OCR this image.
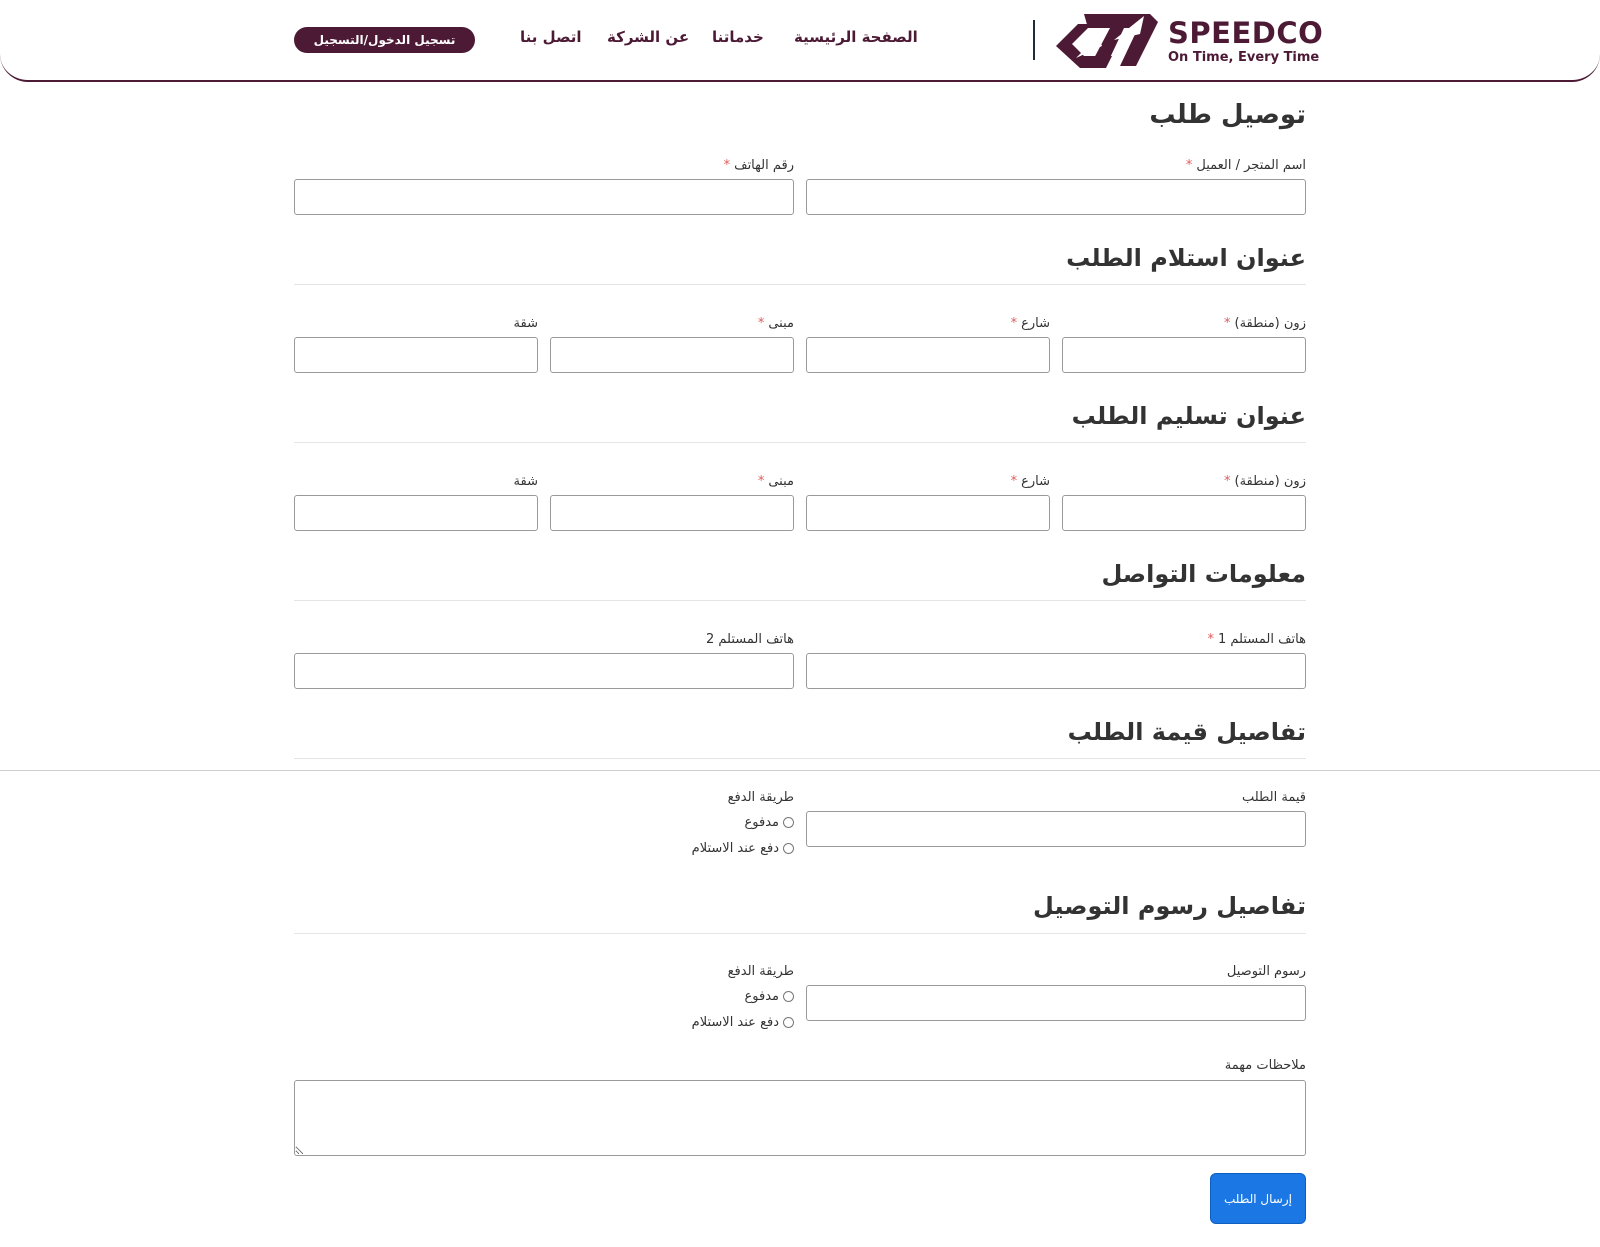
SPEEDCO
On Time, Every Time
الصفحة الرئيسية
خدماتنا
عن الشركة
اتصل بنا
تسجيل الدخول/التسجيل
توصيل طلب
اسم المتجر / العميل*
رقم الهاتف*
عنوان استلام الطلب
زون (منطقة)*
شارع*
مبنى*
شقة
عنوان تسليم الطلب
زون (منطقة)*
شارع*
مبنى*
شقة
معلومات التواصل
هاتف المستلم 1*
هاتف المستلم 2
تفاصيل قيمة الطلب
قيمة الطلب
طريقة الدفع
مدفوع
دفع عند الاستلام
تفاصيل رسوم التوصيل
رسوم التوصيل
طريقة الدفع
مدفوع
دفع عند الاستلام
ملاحظات مهمة
إرسال الطلب
